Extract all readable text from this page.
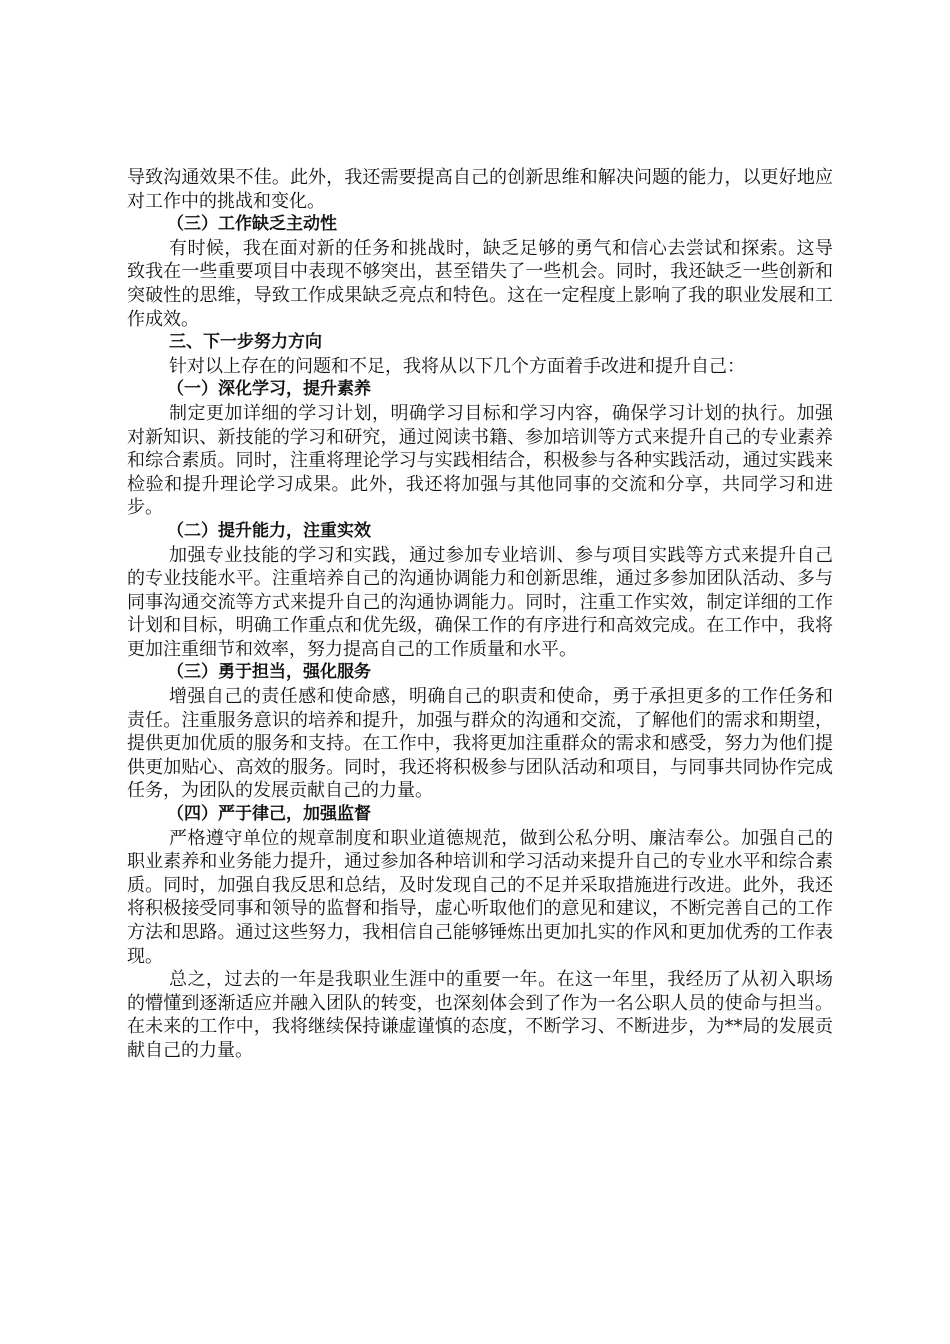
导致沟通效果不佳。此外，我还需要提高自己的创新思维和解决问题的能力，以更好地应对工作中的挑战和变化。

（三）工作缺乏主动性

有时候，我在面对新的任务和挑战时，缺乏足够的勇气和信心去尝试和探索。这导致我在一些重要项目中表现不够突出，甚至错失了一些机会。同时，我还缺乏一些创新和突破性的思维，导致工作成果缺乏亮点和特色。这在一定程度上影响了我的职业发展和工作成效。

三、下一步努力方向

针对以上存在的问题和不足，我将从以下几个方面着手改进和提升自己：

（一）深化学习，提升素养

制定更加详细的学习计划，明确学习目标和学习内容，确保学习计划的执行。加强对新知识、新技能的学习和研究，通过阅读书籍、参加培训等方式来提升自己的专业素养和综合素质。同时，注重将理论学习与实践相结合，积极参与各种实践活动，通过实践来检验和提升理论学习成果。此外，我还将加强与其他同事的交流和分享，共同学习和进步。

（二）提升能力，注重实效

加强专业技能的学习和实践，通过参加专业培训、参与项目实践等方式来提升自己的专业技能水平。注重培养自己的沟通协调能力和创新思维，通过多参加团队活动、多与同事沟通交流等方式来提升自己的沟通协调能力。同时，注重工作实效，制定详细的工作计划和目标，明确工作重点和优先级，确保工作的有序进行和高效完成。在工作中，我将更加注重细节和效率，努力提高自己的工作质量和水平。

（三）勇于担当，强化服务

增强自己的责任感和使命感，明确自己的职责和使命，勇于承担更多的工作任务和责任。注重服务意识的培养和提升，加强与群众的沟通和交流，了解他们的需求和期望，提供更加优质的服务和支持。在工作中，我将更加注重群众的需求和感受，努力为他们提供更加贴心、高效的服务。同时，我还将积极参与团队活动和项目，与同事共同协作完成任务，为团队的发展贡献自己的力量。

（四）严于律己，加强监督

严格遵守单位的规章制度和职业道德规范，做到公私分明、廉洁奉公。加强自己的职业素养和业务能力提升，通过参加各种培训和学习活动来提升自己的专业水平和综合素质。同时，加强自我反思和总结，及时发现自己的不足并采取措施进行改进。此外，我还将积极接受同事和领导的监督和指导，虚心听取他们的意见和建议，不断完善自己的工作方法和思路。通过这些努力，我相信自己能够锤炼出更加扎实的作风和更加优秀的工作表现。

总之，过去的一年是我职业生涯中的重要一年。在这一年里，我经历了从初入职场的懵懂到逐渐适应并融入团队的转变，也深刻体会到了作为一名公职人员的使命与担当。在未来的工作中，我将继续保持谦虚谨慎的态度，不断学习、不断进步，为**局的发展贡献自己的力量。
